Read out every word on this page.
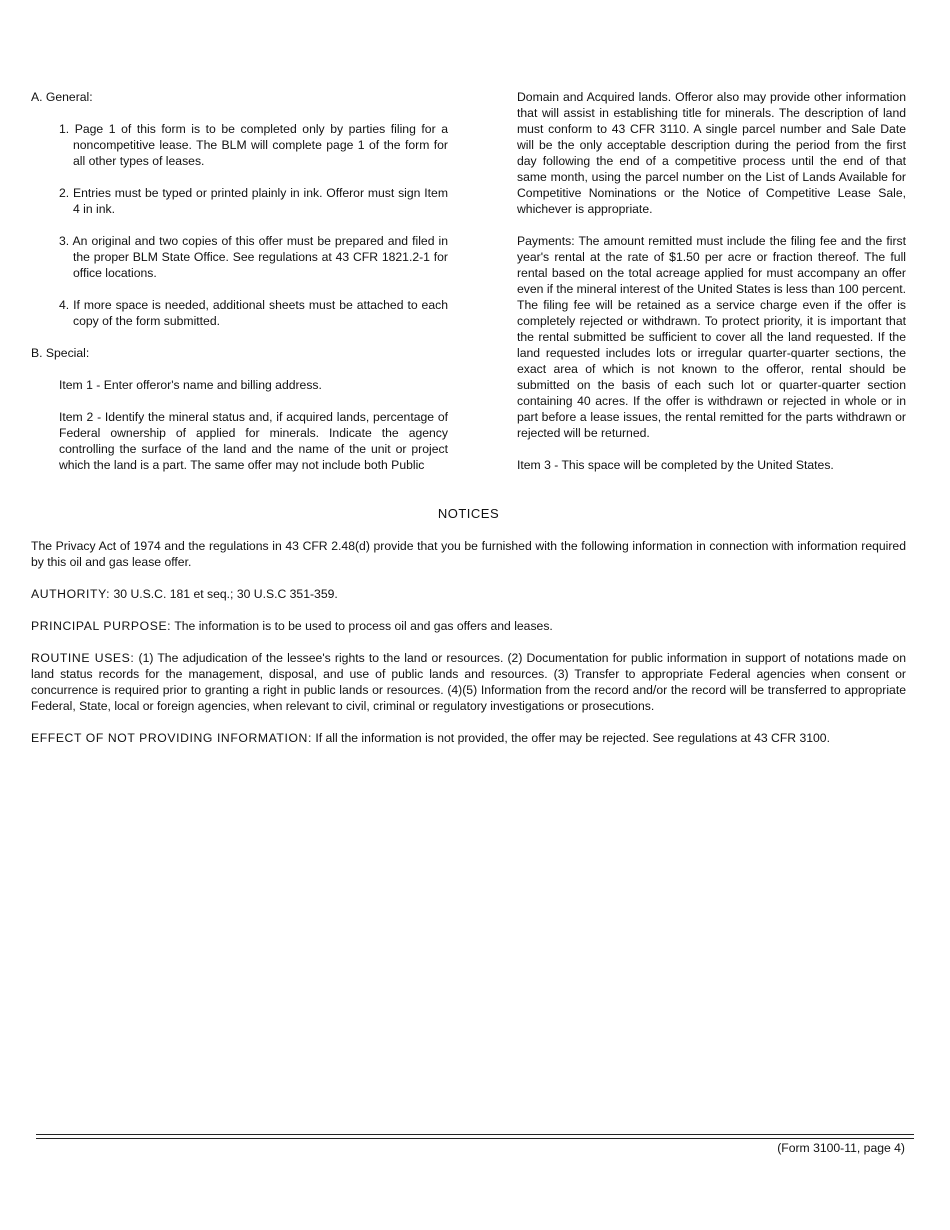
A. General:
1. Page 1 of this form is to be completed only by parties filing for a noncompetitive lease. The BLM will complete page 1 of the form for all other types of leases.
2. Entries must be typed or printed plainly in ink. Offeror must sign Item 4 in ink.
3. An original and two copies of this offer must be prepared and filed in the proper BLM State Office. See regulations at 43 CFR 1821.2-1 for office locations.
4. If more space is needed, additional sheets must be attached to each copy of the form submitted.
B. Special:
Item 1 - Enter offeror's name and billing address.
Item 2 - Identify the mineral status and, if acquired lands, percentage of Federal ownership of applied for minerals. Indicate the agency controlling the surface of the land and the name of the unit or project which the land is a part. The same offer may not include both Public
Domain and Acquired lands. Offeror also may provide other information that will assist in establishing title for minerals. The description of land must conform to 43 CFR 3110. A single parcel number and Sale Date will be the only acceptable description during the period from the first day following the end of a competitive process until the end of that same month, using the parcel number on the List of Lands Available for Competitive Nominations or the Notice of Competitive Lease Sale, whichever is appropriate.
Payments: The amount remitted must include the filing fee and the first year's rental at the rate of $1.50 per acre or fraction thereof. The full rental based on the total acreage applied for must accompany an offer even if the mineral interest of the United States is less than 100 percent. The filing fee will be retained as a service charge even if the offer is completely rejected or withdrawn. To protect priority, it is important that the rental submitted be sufficient to cover all the land requested. If the land requested includes lots or irregular quarter-quarter sections, the exact area of which is not known to the offeror, rental should be submitted on the basis of each such lot or quarter-quarter section containing 40 acres. If the offer is withdrawn or rejected in whole or in part before a lease issues, the rental remitted for the parts withdrawn or rejected will be returned.
Item 3 - This space will be completed by the United States.
NOTICES
The Privacy Act of 1974 and the regulations in 43 CFR 2.48(d) provide that you be furnished with the following information in connection with information required by this oil and gas lease offer.
AUTHORITY: 30 U.S.C. 181 et seq.; 30 U.S.C 351-359.
PRINCIPAL PURPOSE: The information is to be used to process oil and gas offers and leases.
ROUTINE USES: (1) The adjudication of the lessee's rights to the land or resources. (2) Documentation for public information in support of notations made on land status records for the management, disposal, and use of public lands and resources. (3) Transfer to appropriate Federal agencies when consent or concurrence is required prior to granting a right in public lands or resources. (4)(5) Information from the record and/or the record will be transferred to appropriate Federal, State, local or foreign agencies, when relevant to civil, criminal or regulatory investigations or prosecutions.
EFFECT OF NOT PROVIDING INFORMATION: If all the information is not provided, the offer may be rejected. See regulations at 43 CFR 3100.
(Form 3100-11, page 4)
